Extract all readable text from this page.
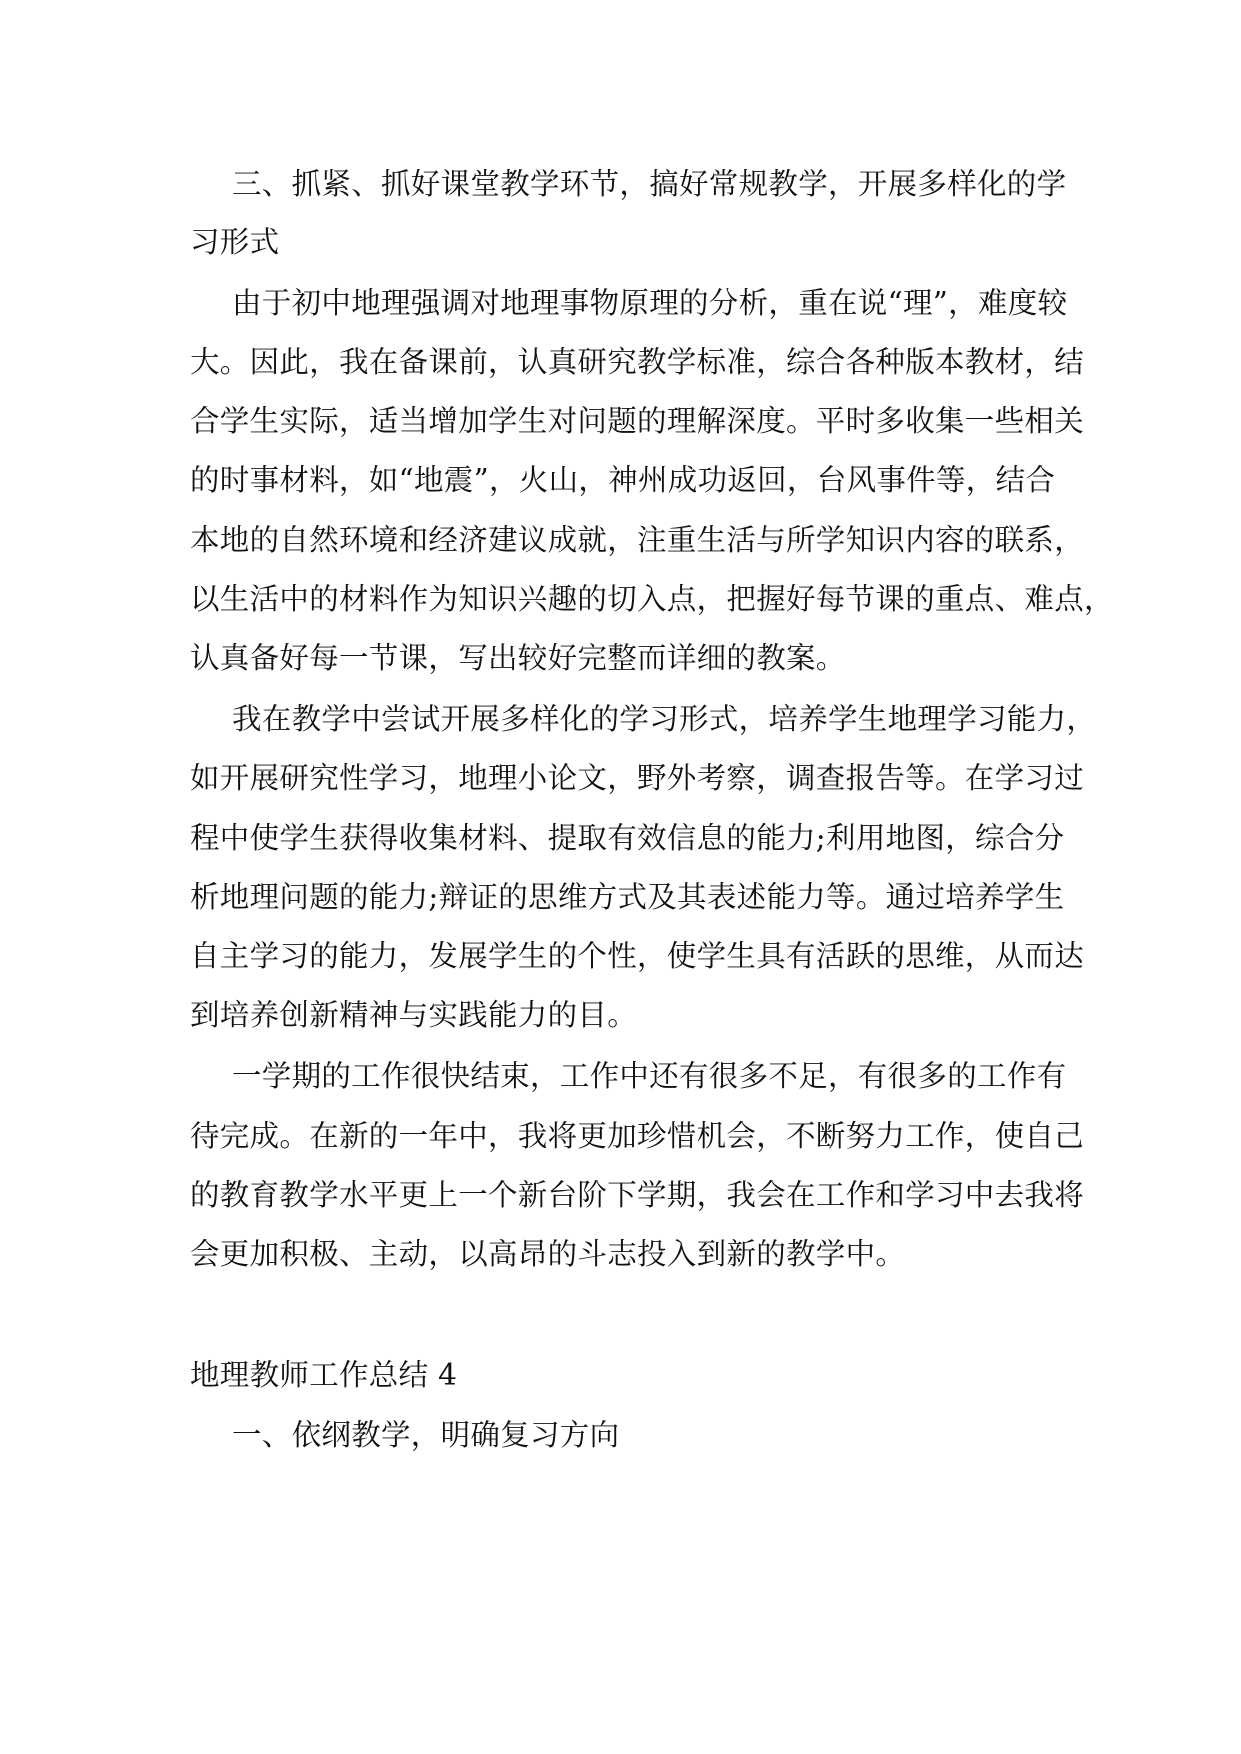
三、抓紧、抓好课堂教学环节，搞好常规教学，开展多样化的学
习形式
由于初中地理强调对地理事物原理的分析，重在说“理”，难度较
大。因此，我在备课前，认真研究教学标准，综合各种版本教材，结
合学生实际，适当增加学生对问题的理解深度。平时多收集一些相关
的时事材料，如“地震”，火山，神州成功返回，台风事件等，结合
本地的自然环境和经济建议成就，注重生活与所学知识内容的联系，
以生活中的材料作为知识兴趣的切入点，把握好每节课的重点、难点，
认真备好每一节课，写出较好完整而详细的教案。
我在教学中尝试开展多样化的学习形式，培养学生地理学习能力，
如开展研究性学习，地理小论文，野外考察，调查报告等。在学习过
程中使学生获得收集材料、提取有效信息的能力;利用地图，综合分
析地理问题的能力;辩证的思维方式及其表述能力等。通过培养学生
自主学习的能力，发展学生的个性，使学生具有活跃的思维，从而达
到培养创新精神与实践能力的目。
一学期的工作很快结束，工作中还有很多不足，有很多的工作有
待完成。在新的一年中，我将更加珍惜机会，不断努力工作，使自己
的教育教学水平更上一个新台阶下学期，我会在工作和学习中去我将
会更加积极、主动，以高昂的斗志投入到新的教学中。
地理教师工作总结 4
一、依纲教学，明确复习方向
